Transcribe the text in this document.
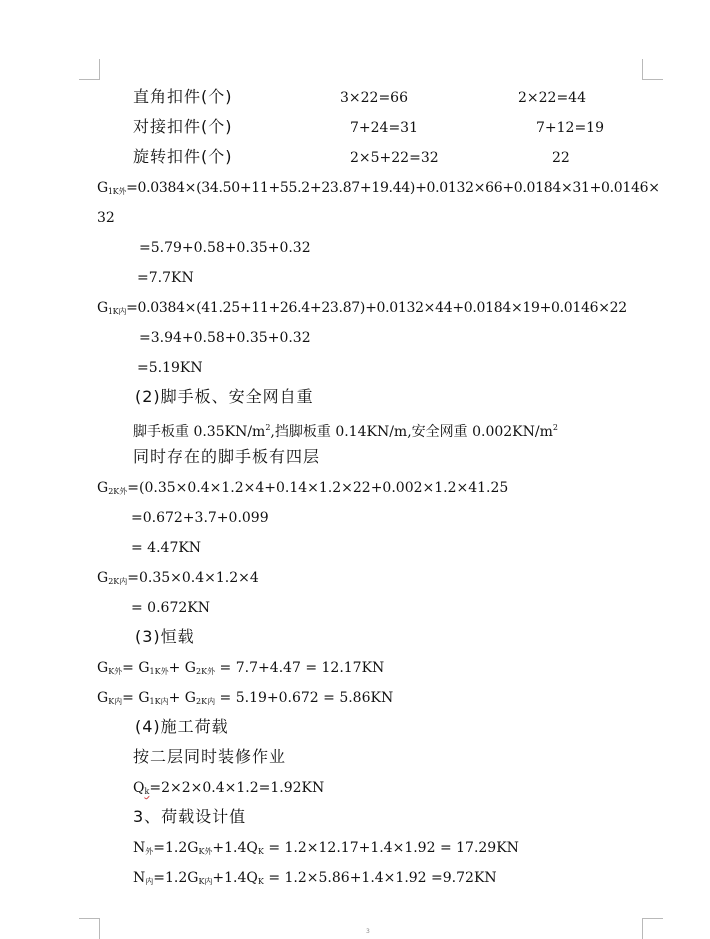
直角扣件(个)	3×22=66	2×22=44
对接扣件(个)	7+24=31	7+12=19
旋转扣件(个)	2×5+22=32	22
$G_{1K外}=0.0384\times(34.50+11+55.2+23.87+19.44)+0.0132\times 66+0.0184\times 31+0.0146\times$
32
=5.79+0.58+0.35+0.32
=7.7KN
$G_{1K内}=0.0384\times(41.25+11+26.4+23.87)+0.0132\times 44+0.0184\times 19+0.0146\times 22$
=3.94+0.58+0.35+0.32
=5.19KN
(2)脚手板、安全网自重
脚手板重 $0.35KN/m^2$,挡脚板重 0.14KN/m,安全网重 $0.002KN/m^2$
同时存在的脚手板有四层
$G_{2K外}=(0.35\times 0.4\times 1.2\times 4+0.14\times 1.2\times 22+0.002\times 1.2\times 41.25$
=0.672+3.7+0.099
= 4.47KN
$G_{2K内}=0.35\times 0.4\times 1.2\times 4$
= 0.672KN
(3)恒载
$G_{K外}= G_{1K外}+ G_{2K外} = 7.7+4.47 = 12.17KN$
$G_{K内}= G_{1K内}+ G_{2K内} = 5.19+0.672 = 5.86KN$
(4)施工荷载
按二层同时装修作业
$Q_k=2\times 2\times 0.4\times 1.2=1.92KN$
3、荷载设计值
$N_外=1.2G_{K外}+1.4Q_K = 1.2\times 12.17+1.4\times 1.92 = 17.29KN$
$N_内=1.2G_{K内}+1.4Q_K = 1.2\times 5.86+1.4\times 1.92 =9.72KN$
3
